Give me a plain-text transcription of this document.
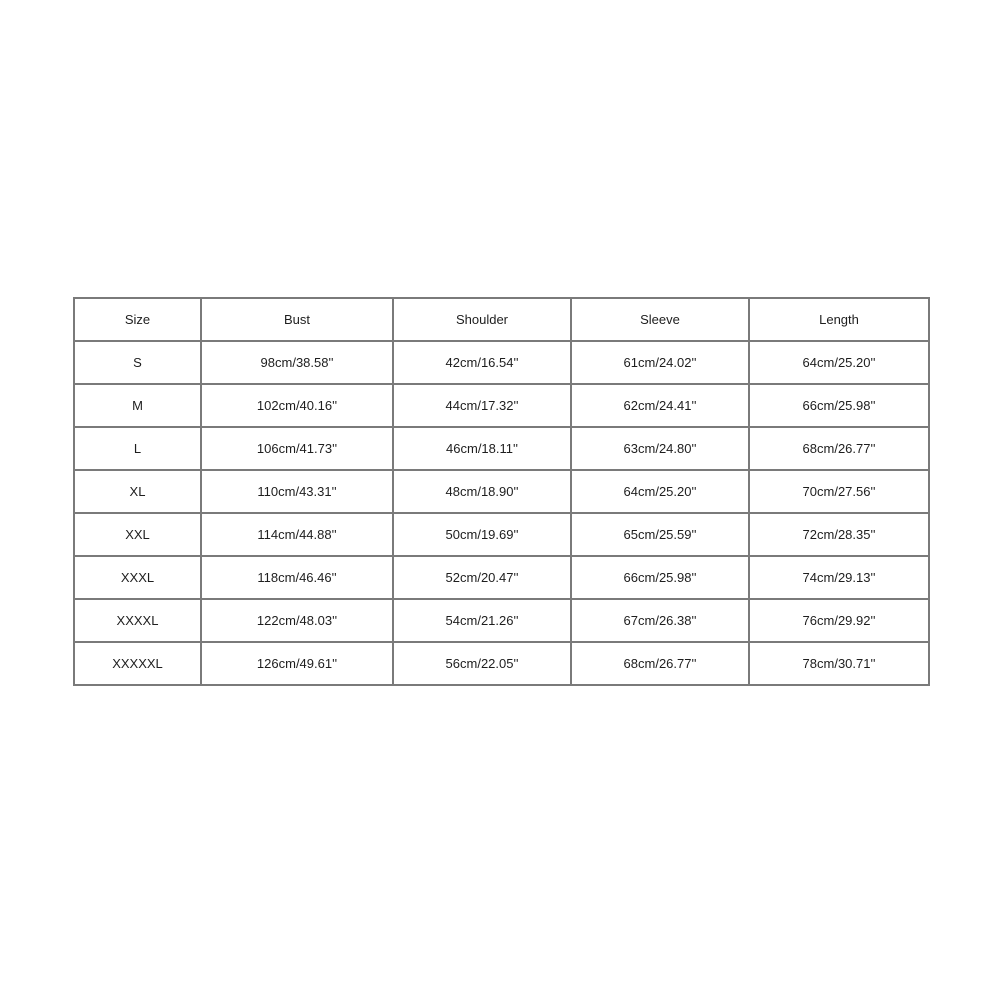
Size	Bust	Shoulder	Sleeve	Length
S	98cm/38.58''	42cm/16.54''	61cm/24.02''	64cm/25.20''
M	102cm/40.16''	44cm/17.32''	62cm/24.41''	66cm/25.98''
L	106cm/41.73''	46cm/18.11''	63cm/24.80''	68cm/26.77''
XL	110cm/43.31''	48cm/18.90''	64cm/25.20''	70cm/27.56''
XXL	114cm/44.88''	50cm/19.69''	65cm/25.59''	72cm/28.35''
XXXL	118cm/46.46''	52cm/20.47''	66cm/25.98''	74cm/29.13''
XXXXL	122cm/48.03''	54cm/21.26''	67cm/26.38''	76cm/29.92''
XXXXXL	126cm/49.61''	56cm/22.05''	68cm/26.77''	78cm/30.71''
